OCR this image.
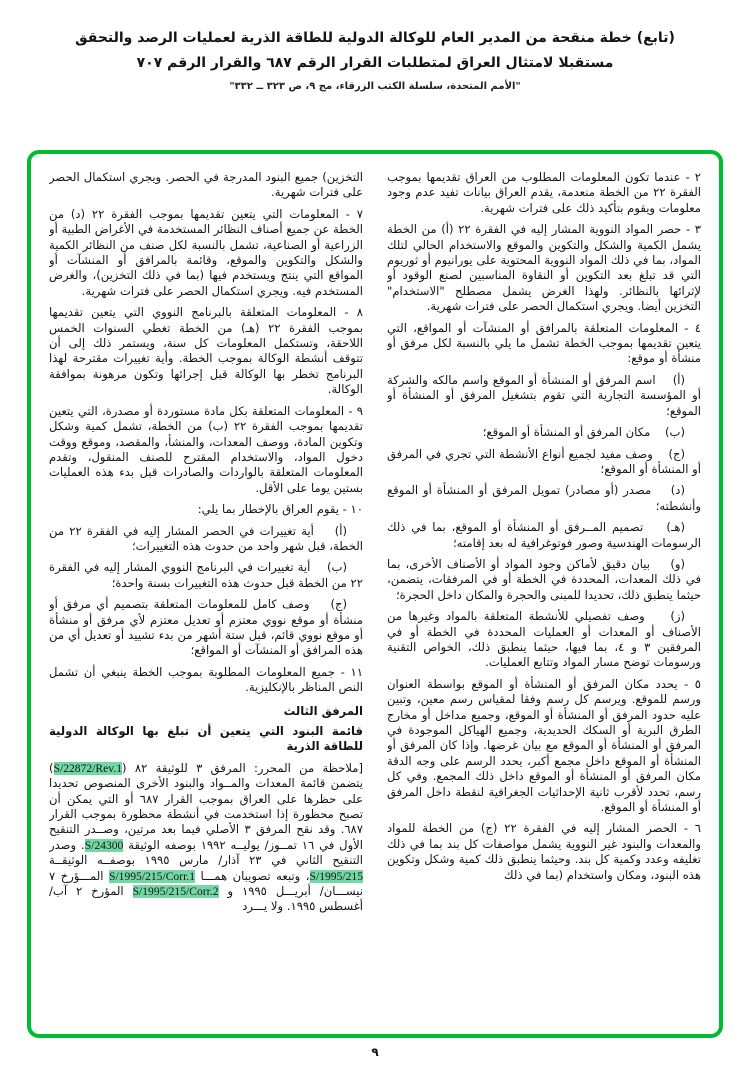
(تابع) خطة منقحة من المدير العام للوكالة الدولية للطاقة الذرية لعمليات الرصد والتحقق
مستقبلا لامتثال العراق لمتطلبات القرار الرقم ٦٨٧ والقرار الرقم ٧٠٧
"الأمم المتحدة، سلسلة الكتب الزرقاء، مج ٩، ص ٣٢٣ ــ ٣٣٢"
٢ - عندما تكون المعلومات المطلوب من العراق تقديمها بموجب الفقرة ٢٢ من الخطة منعدمة، يقدم العراق بيانات تفيد عدم وجود معلومات ويقوم بتأكيد ذلك على فترات شهرية.
٣ - حصر المواد النووية المشار إليه في الفقرة ٢٢ (أ) من الخطة يشمل الكمية والشكل والتكوين والموقع والاستخدام الحالي لتلك المواد، بما في ذلك المواد النووية المحتوية على يورانيوم أو ثوريوم التي قد تبلغ بعد التكوين أو النقاوة المناسبين لصنع الوقود أو لإثرائها بالنظائر. ولهذا الغرض يشمل مصطلح "الاستخدام" التخزين أيضا. ويجري استكمال الحصر على فترات شهرية.
٤ - المعلومات المتعلقة بالمرافق أو المنشآت أو المواقع، التي يتعين تقديمها بموجب الخطة تشمل ما يلي بالنسبة لكل مرفق أو منشأة أو موقع:
(أ)    اسم المرفق أو المنشأة أو الموقع واسم مالكه والشركة أو المؤسسة التجارية التي تقوم بتشغيل المرفق أو المنشأة أو الموقع؛
(ب)    مكان المرفق أو المنشأة أو الموقع؛
(ج)    وصف مفيد لجميع أنواع الأنشطة التي تجري في المرفق أو المنشأة أو الموقع؛
(د)    مصدر (أو مصادر) تمويل المرفق أو المنشأة أو الموقع وأنشطته؛
(هـ)    تصميم المــرفق أو المنشأة أو الموقع، بما في ذلك الرسومات الهندسية وصور فوتوغرافية له بعد إقامته؛
(و)    بيان دقيق لأماكن وجود المواد أو الأصناف الأخرى، بما في ذلك المعدات، المحددة في الخطة أو في المرفقات، يتضمن، حيثما ينطبق ذلك، تحديدا للمبنى والحجرة والمكان داخل الحجرة؛
(ز)    وصف تفصيلي للأنشطة المتعلقة بالمواد وغيرها من الأصناف أو المعدات أو العمليات المحددة في الخطة أو في المرفقين ٣ و ٤، بما فيها، حيثما ينطبق ذلك، الخواص التقنية ورسومات توضح مسار المواد وتتابع العمليات.
٥ - يحدد مكان المرفق أو المنشأة أو الموقع بواسطة العنوان ورسم للموقع. ويرسم كل رسم وفقا لمقياس رسم معين، وتبين عليه حدود المرفق أو المنشأة أو الموقع، وجميع مداخل أو مخارج الطرق البرية أو السكك الحديدية، وجميع الهياكل الموجودة في المرفق أو المنشأة أو الموقع مع بيان غرضها. وإذا كان المرفق أو المنشأة أو الموقع داخل مجمع أكبر، يحدد الرسم على وجه الدقة مكان المرفق أو المنشأة أو الموقع داخل ذلك المجمع. وفي كل رسم، تحدد لأقرب ثانية الإحداثيات الجغرافية لنقطة داخل المرفق أو المنشأة أو الموقع.
٦ - الحصر المشار إليه في الفقرة ٢٢ (ج) من الخطة للمواد والمعدات والبنود غير النووية يشمل مواصفات كل بند بما في ذلك تغليفه وعدد وكمية كل بند. وحيثما ينطبق ذلك كمية وشكل وتكوين هذه البنود، ومكان واستخدام (بما في ذلك
التخزين) جميع البنود المدرجة في الحصر. ويجري استكمال الحصر على فترات شهرية.
٧ - المعلومات التي يتعين تقديمها بموجب الفقرة ٢٢ (د) من الخطة عن جميع أصناف النظائر المستخدمة في الأغراض الطبية أو الزراعية أو الصناعية، تشمل بالنسبة لكل صنف من النظائر الكمية والشكل والتكوين والموقع، وقائمة بالمرافق أو المنشآت أو المواقع التي ينتج ويستخدم فيها (بما في ذلك التخزين)، والغرض المستخدم فيه. ويجري استكمال الحصر على فترات شهرية.
٨ - المعلومات المتعلقة بالبرنامج النووي التي يتعين تقديمها بموجب الفقرة ٢٢ (هـ) من الخطة تغطي السنوات الخمس اللاحقة، وتستكمل المعلومات كل سنة، ويستمر ذلك إلى أن تتوقف أنشطة الوكالة بموجب الخطة. وأية تغييرات مقترحة لهذا البرنامج تخطر بها الوكالة قبل إجرائها وتكون مرهونة بموافقة الوكالة.
٩ - المعلومات المتعلقة بكل مادة مستوردة أو مصدرة، التي يتعين تقديمها بموجب الفقرة ٢٢ (ب) من الخطة، تشمل كمية وشكل وتكوين المادة، ووصف المعدات، والمنشأ، والمقصد، وموقع ووقت دخول المواد، والاستخدام المقترح للصنف المنقول، وتقدم المعلومات المتعلقة بالواردات والصادرات قبل بدء هذه العمليات بستين يوما على الأقل.
١٠ - يقوم العراق بالإخطار بما يلي:
(أ)    أية تغييرات في الحصر المشار إليه في الفقرة ٢٢ من الخطة، قبل شهر واحد من حدوث هذه التغييرات؛
(ب)    أية تغييرات في البرنامج النووي المشار إليه في الفقرة ٢٢ من الخطة قبل حدوث هذه التغييرات بسنة واحدة؛
(ج)    وصف كامل للمعلومات المتعلقة بتصميم أي مرفق أو منشأة أو موقع نووي معتزم أو تعديل معتزم لأي مرفق أو منشأة أو موقع نووي قائم، قبل ستة أشهر من بدء تشييد أو تعديل أي من هذه المرافق أو المنشآت أو المواقع؛
١١ - جميع المعلومات المطلوبة بموجب الخطة ينبغي أن تشمل النص المناظر بالإنكليزية.
المرفق الثالث
قائمة البنود التي يتعين أن تبلغ بها الوكالة الدولية للطاقة الذرية
[ملاحظة من المحرر: المرفق ٣ للوثيقة ٨٢ (S/22872/Rev.1) يتضمن قائمة المعدات والمــواد والبنود الأخرى المنصوص تحديدا على حظرها على العراق بموجب القرار ٦٨٧ أو التي يمكن أن تصبح محظورة إذا استخدمت في أنشطة محظورة بموجب القرار ٦٨٧. وقد نقح المرفق ٣ الأصلي فيما بعد مرتين، وصــدر التنقيح الأول في ١٦ تمــوز/ يوليــه ١٩٩٢ بوصفه الوثيقة S/24300. وصدر التنقيح الثاني في ٢٣ آذار/ مارس ١٩٩٥ بوصفــه الوثيقــة S/1995/215، وتبعه تصويبان همـــا S/1995/215/Corr.1 المـــؤرخ ٧ نيســـان/ أبريـــل ١٩٩٥ و S/1995/215/Corr.2 المؤرخ ٢ آب/ أغسطس ١٩٩٥. ولا يـــرد
٩
